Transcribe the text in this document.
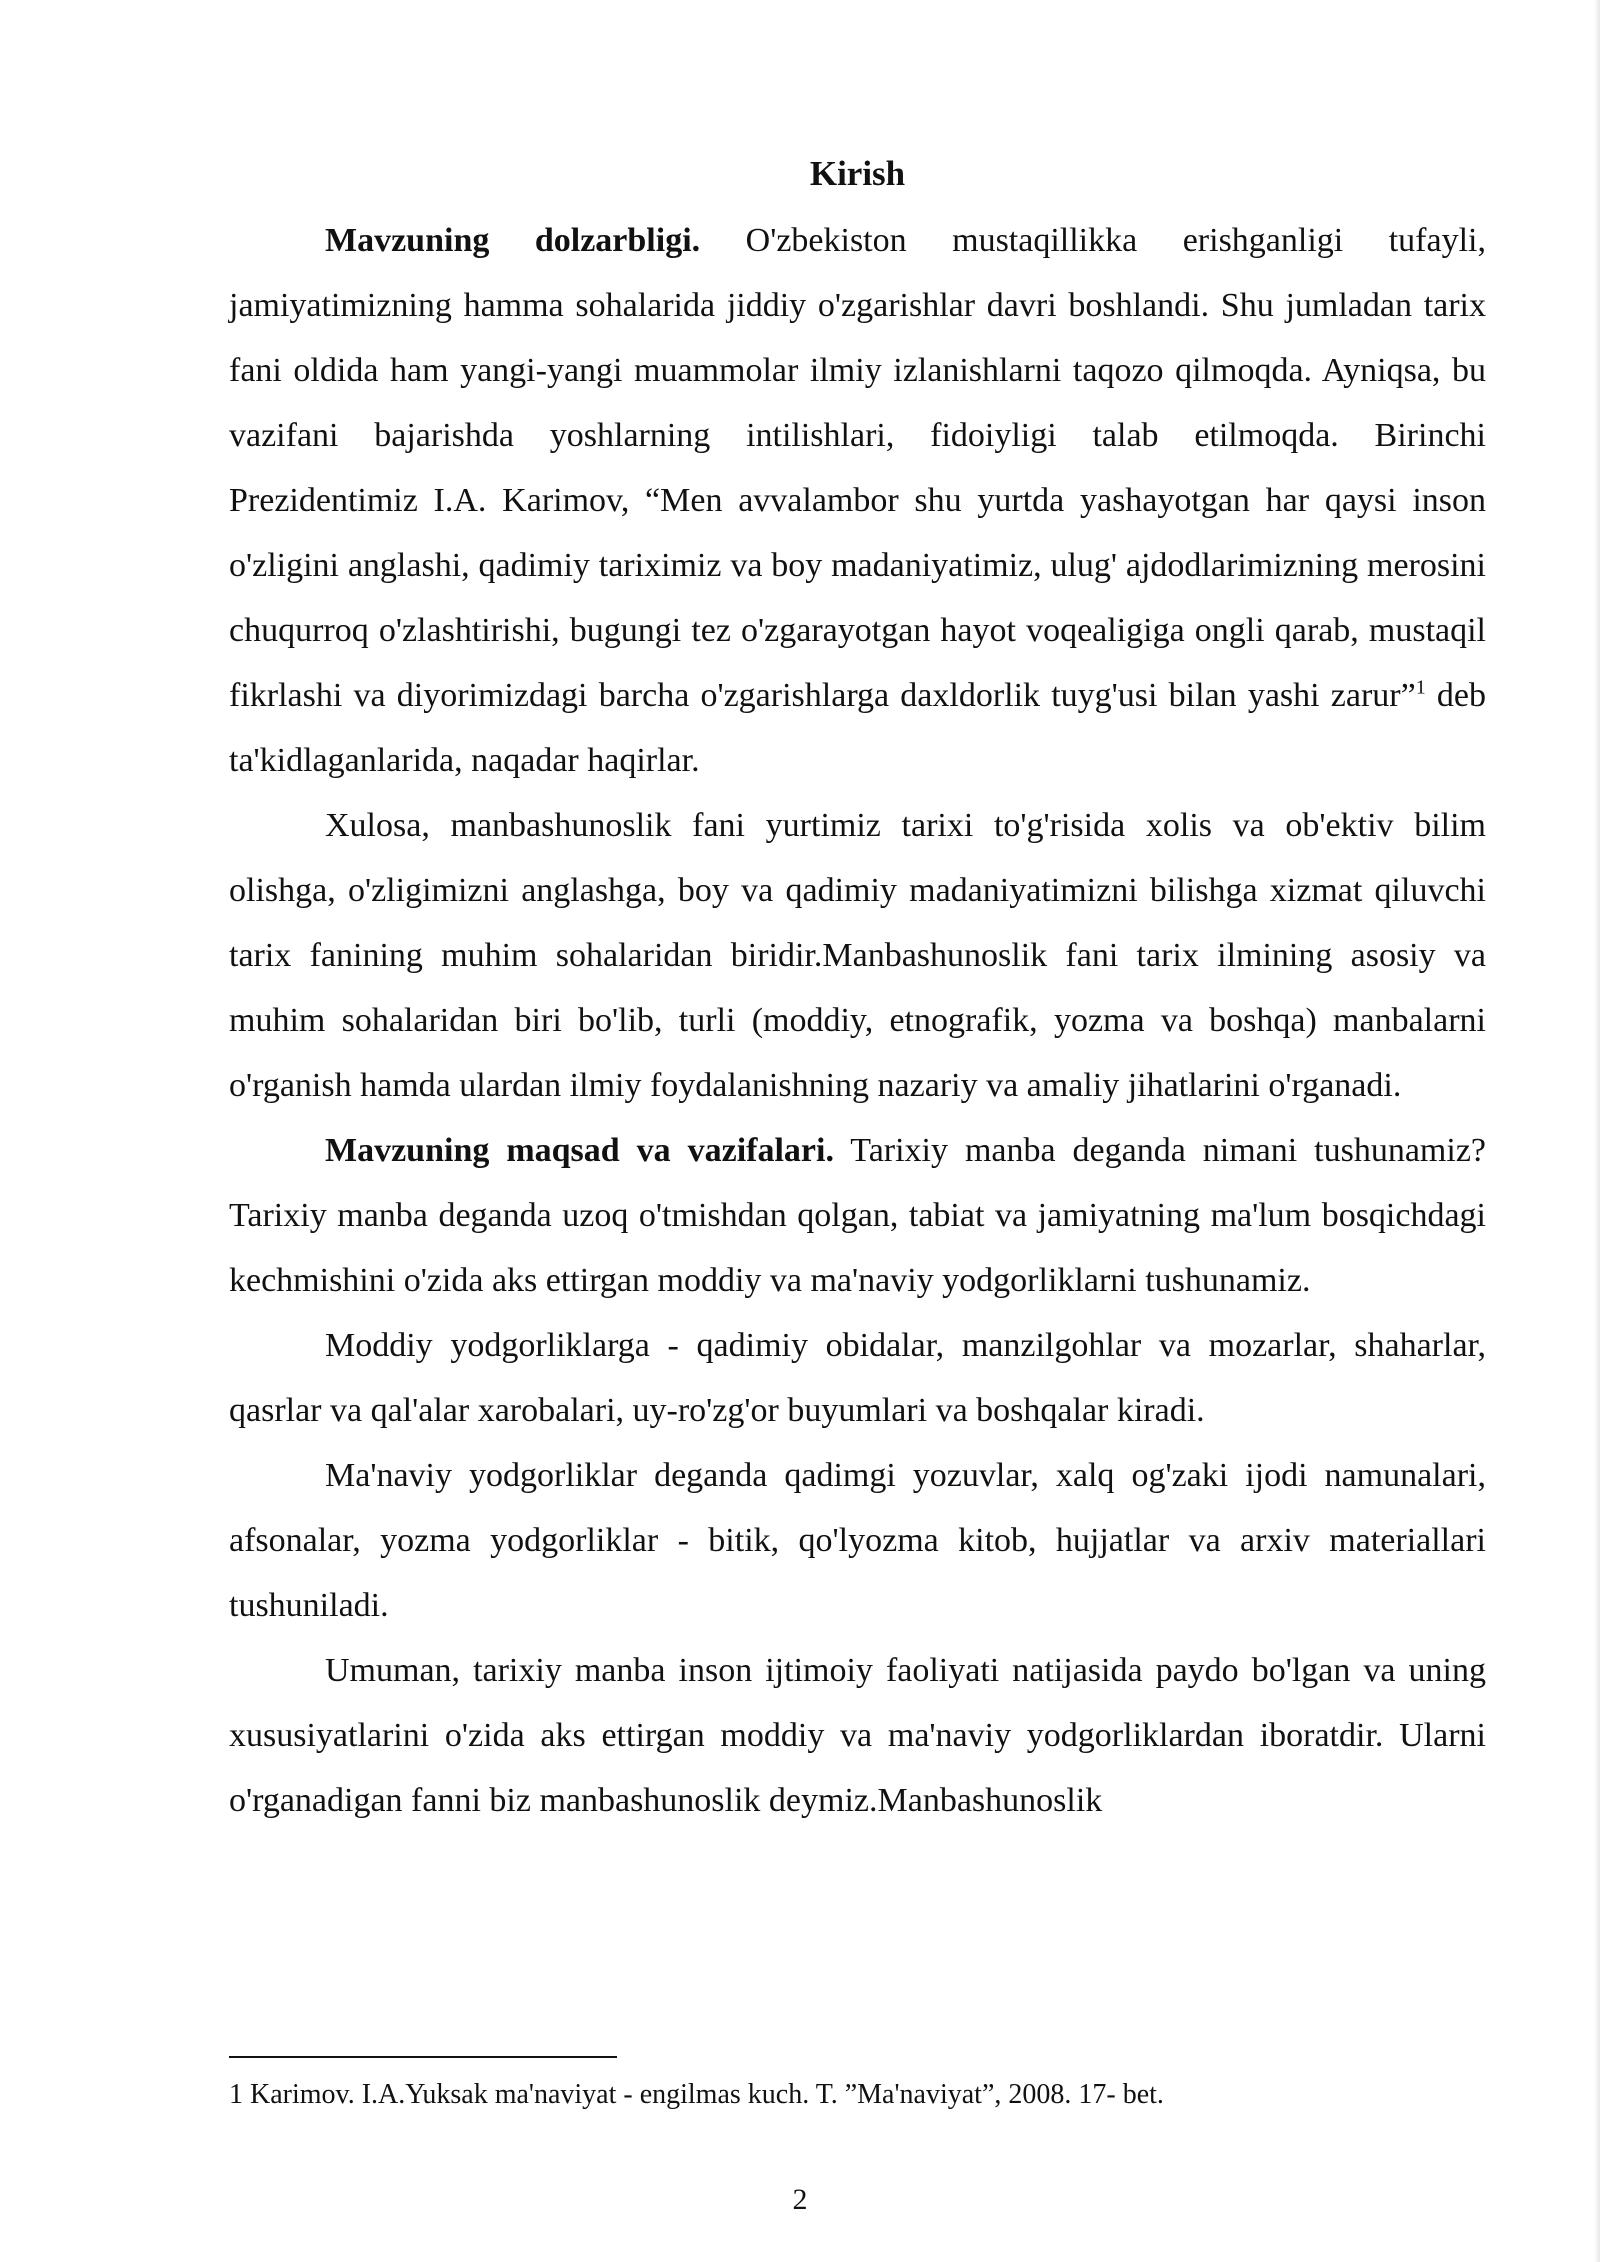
Kirish

Mavzuning dolzarbligi. O'zbekiston mustaqillikka erishganligi tufayli, jamiyatimizning hamma sohalarida jiddiy o'zgarishlar davri boshlandi. Shu jumladan tarix fani oldida ham yangi-yangi muammolar ilmiy izlanishlarni taqozo qilmoqda. Ayniqsa, bu vazifani bajarishda yoshlarning intilishlari, fidoiyligi talab etilmoqda. Birinchi Prezidentimiz I.A. Karimov, “Men avvalambor shu yurtda yashayotgan har qaysi inson o'zligini anglashi, qadimiy tariximiz va boy madaniyatimiz, ulug' ajdodlarimizning merosini chuqurroq o'zlashtirishi, bugungi tez o'zgarayotgan hayot voqealigiga ongli qarab, mustaqil fikrlashi va diyorimizdagi barcha o'zgarishlarga daxldorlik tuyg'usi bilan yashi zarur”$^1$ deb ta'kidlaganlarida, naqadar haqirlar.

Xulosa, manbashunoslik fani yurtimiz tarixi to'g'risida xolis va ob'ektiv bilim olishga, o'zligimizni anglashga, boy va qadimiy madaniyatimizni bilishga xizmat qiluvchi tarix fanining muhim sohalaridan biridir.Manbashunoslik fani tarix ilmining asosiy va muhim sohalaridan biri bo'lib, turli (moddiy, etnografik, yozma va boshqa) manbalarni o'rganish hamda ulardan ilmiy foydalanishning nazariy va amaliy jihatlarini o'rganadi.

Mavzuning maqsad va vazifalari. Tarixiy manba deganda nimani tushunamiz? Tarixiy manba deganda uzoq o'tmishdan qolgan, tabiat va jamiyatning ma'lum bosqichdagi kechmishini o'zida aks ettirgan moddiy va ma'naviy yodgorliklarni tushunamiz.

Moddiy yodgorliklarga - qadimiy obidalar, manzilgohlar va mozarlar, shaharlar, qasrlar va qal'alar xarobalari, uy-ro'zg'or buyumlari va boshqalar kiradi.

Ma'naviy yodgorliklar deganda qadimgi yozuvlar, xalq og'zaki ijodi namunalari, afsonalar, yozma yodgorliklar - bitik, qo'lyozma kitob, hujjatlar va arxiv materiallari tushuniladi.

Umuman, tarixiy manba inson ijtimoiy faoliyati natijasida paydo bo'lgan va uning xususiyatlarini o'zida aks ettirgan moddiy va ma'naviy yodgorliklardan iboratdir. Ularni o'rganadigan fanni biz manbashunoslik deymiz.Manbashunoslik

1 Karimov. I.A.Yuksak ma'naviyat - engilmas kuch. T. ”Ma'naviyat”, 2008. 17- bet.

2
